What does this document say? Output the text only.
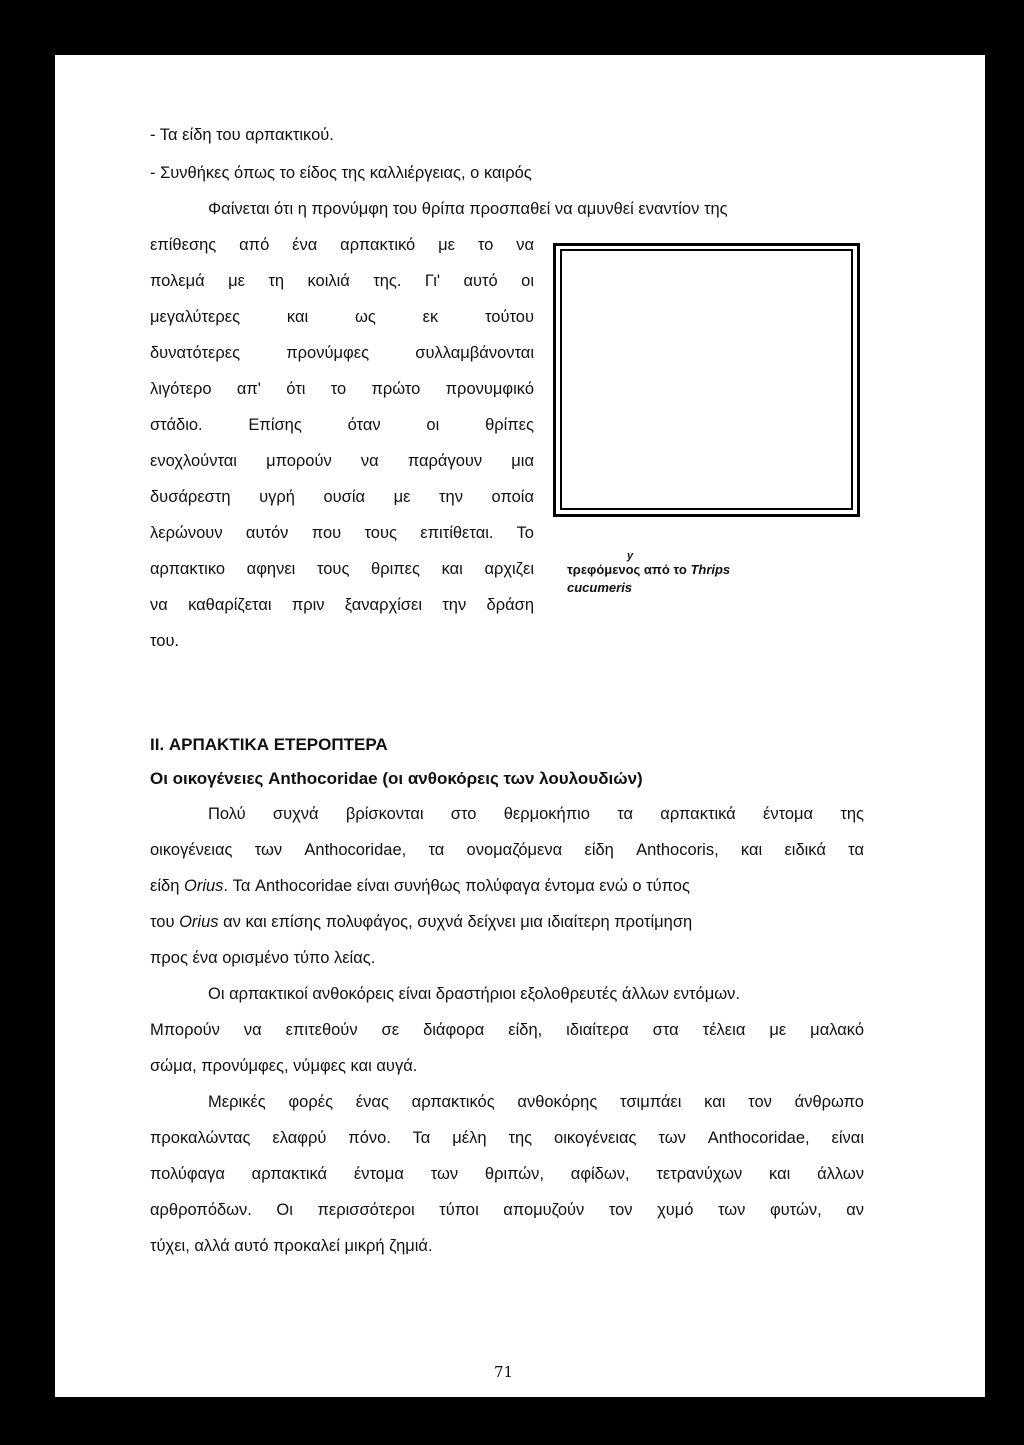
- Τα είδη του αρπακτικού.
- Συνθήκες όπως το είδος της καλλιέργειας, ο καιρός
Φαίνεται ότι η προνύμφη του θρίπα προσπαθεί να αμυνθεί εναντίον της
επίθεσης από ένα αρπακτικό με το να
πολεμά με τη κοιλιά της. Γι' αυτό οι
μεγαλύτερες και ως εκ τούτου
δυνατότερες προνύμφες συλλαμβάνονται
λιγότερο απ' ότι το πρώτο προνυμφικό
στάδιο. Επίσης όταν οι θρίπες
ενοχλούνται μπορούν να παράγουν μια
δυσάρεστη υγρή ουσία με την οποία
λερώνουν αυτόν που τους επιτίθεται. Το
αρπακτικο αφηνει τους θριπες και αρχιζει
να καθαρίζεται πριν ξαναρχίσει την δράση
του.
y
τρεφόμενος από το Thrips
cucumeris
II. ΑΡΠΑΚΤΙΚΑ ΕΤΕΡΟΠΤΕΡΑ
Οι οικογένειες Anthocoridae (οι ανθοκόρεις των λουλουδιών)
Πολύ συχνά βρίσκονται στο θερμοκήπιο τα αρπακτικά έντομα της
οικογένειας των Anthocoridae, τα ονομαζόμενα είδη Anthocoris, και ειδικά τα
είδη Orius. Τα Anthocoridae είναι συνήθως πολύφαγα έντομα ενώ ο τύπος
του Orius αν και επίσης πολυφάγος, συχνά δείχνει μια ιδιαίτερη προτίμηση
προς ένα ορισμένο τύπο λείας.
Οι αρπακτικοί ανθοκόρεις είναι δραστήριοι εξολοθρευτές άλλων εντόμων.
Μπορούν να επιτεθούν σε διάφορα είδη, ιδιαίτερα στα τέλεια με μαλακό
σώμα, προνύμφες, νύμφες και αυγά.
Μερικές φορές ένας αρπακτικός ανθοκόρης τσιμπάει και τον άνθρωπο
προκαλώντας ελαφρύ πόνο. Τα μέλη της οικογένειας των Anthocoridae, είναι
πολύφαγα αρπακτικά έντομα των θριπών, αφίδων, τετρανύχων και άλλων
αρθροπόδων. Οι περισσότεροι τύποι απομυζούν τον χυμό των φυτών, αν
τύχει, αλλά αυτό προκαλεί μικρή ζημιά.
71
